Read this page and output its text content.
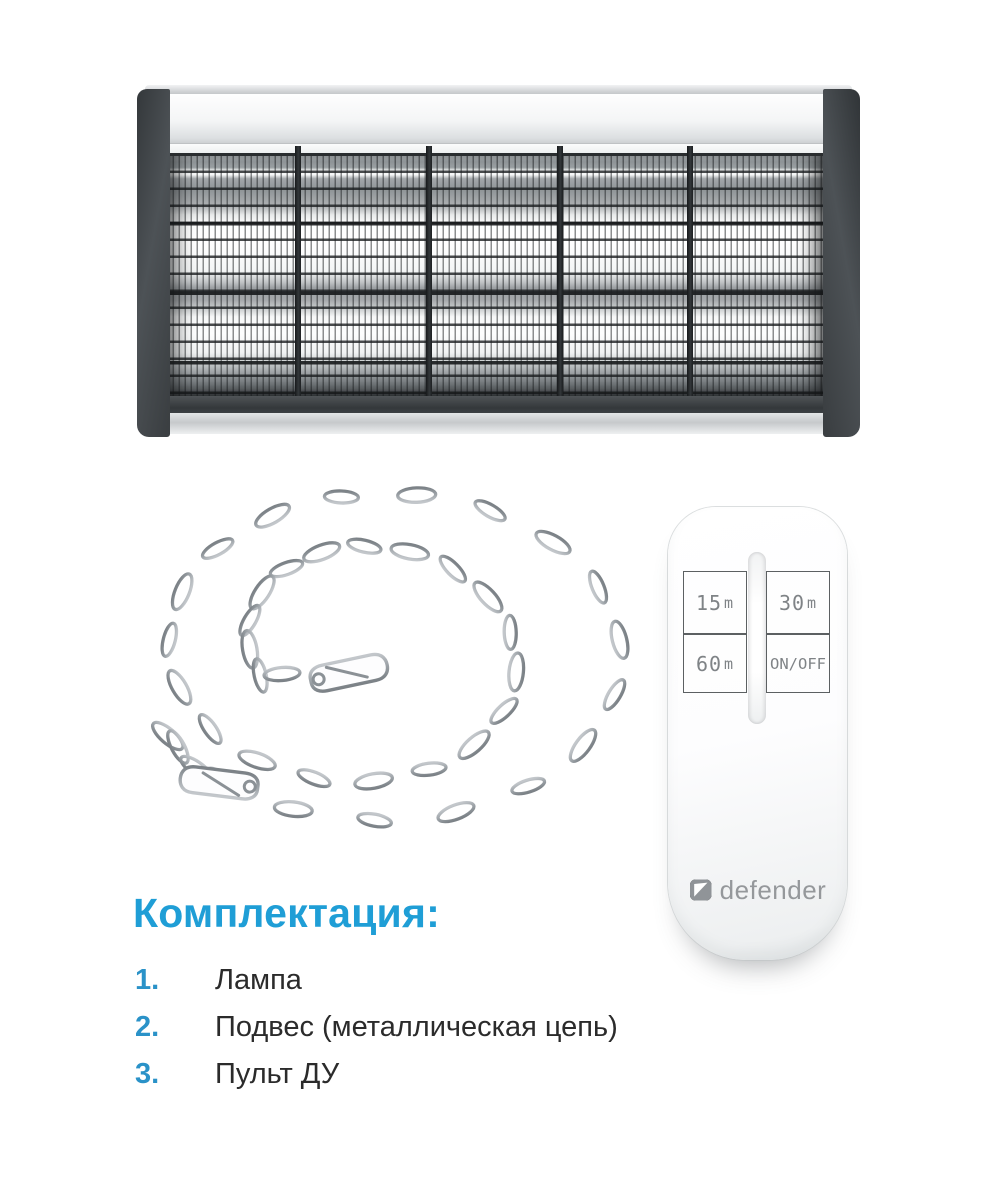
15 m 30 m
60 m ON/OFF
defender
Комплектация:
1.	Лампа
2.	Подвес (металлическая цепь)
3.	Пульт ДУ
